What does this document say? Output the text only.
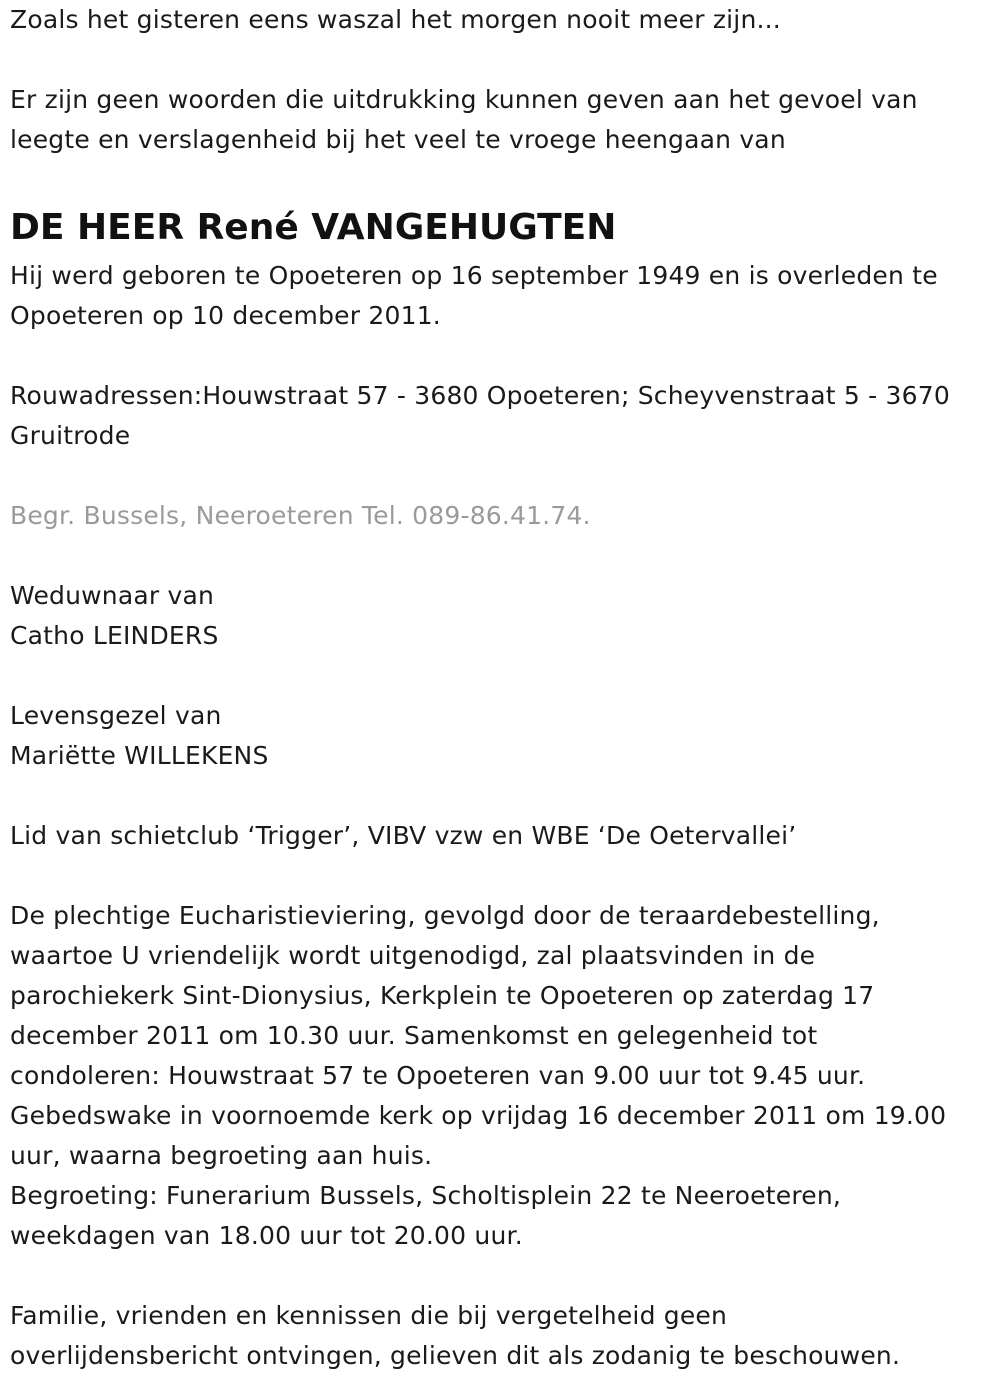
Zoals het gisteren eens waszal het morgen nooit meer zijn...
Er zijn geen woorden die uitdrukking kunnen geven aan het gevoel van
leegte en verslagenheid bij het veel te vroege heengaan van
DE HEER René VANGEHUGTEN
Hij werd geboren te Opoeteren op 16 september 1949 en is overleden te
Opoeteren op 10 december 2011.
Rouwadressen:Houwstraat 57 - 3680 Opoeteren; Scheyvenstraat 5 - 3670
Gruitrode
Begr. Bussels, Neeroeteren Tel. 089-86.41.74.
Weduwnaar van
Catho LEINDERS
Levensgezel van
Mariëtte WILLEKENS
Lid van schietclub ‘Trigger’, VIBV vzw en WBE ‘De Oetervallei’
De plechtige Eucharistieviering, gevolgd door de teraardebestelling,
waartoe U vriendelijk wordt uitgenodigd, zal plaatsvinden in de
parochiekerk Sint-Dionysius, Kerkplein te Opoeteren op zaterdag 17
december 2011 om 10.30 uur. Samenkomst en gelegenheid tot
condoleren: Houwstraat 57 te Opoeteren van 9.00 uur tot 9.45 uur.
Gebedswake in voornoemde kerk op vrijdag 16 december 2011 om 19.00
uur, waarna begroeting aan huis.
Begroeting: Funerarium Bussels, Scholtisplein 22 te Neeroeteren,
weekdagen van 18.00 uur tot 20.00 uur.
Familie, vrienden en kennissen die bij vergetelheid geen
overlijdensbericht ontvingen, gelieven dit als zodanig te beschouwen.
